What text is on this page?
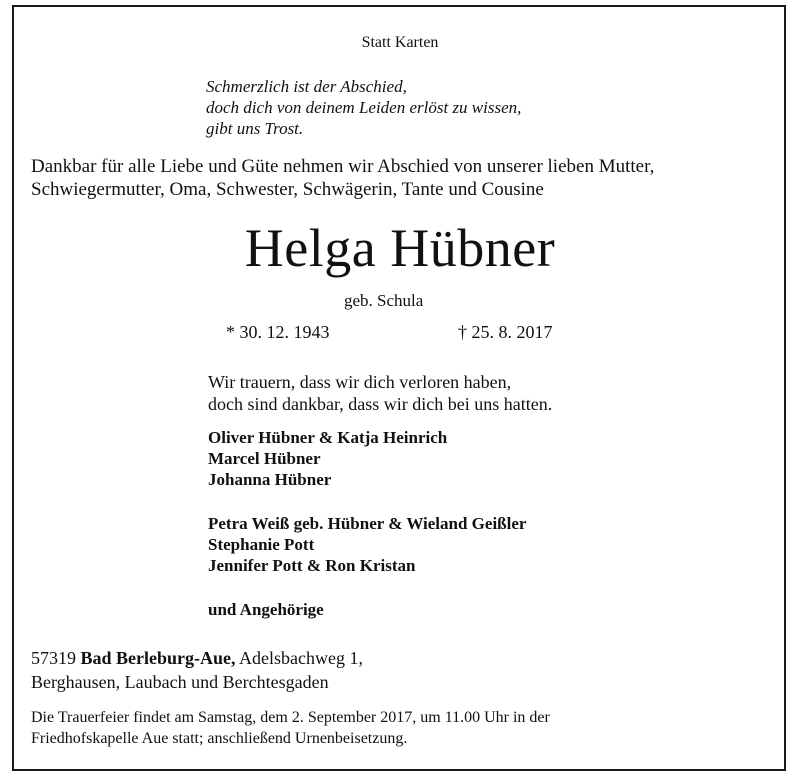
Statt Karten
Schmerzlich ist der Abschied,
doch dich von deinem Leiden erlöst zu wissen,
gibt uns Trost.
Dankbar für alle Liebe und Güte nehmen wir Abschied von unserer lieben Mutter,
Schwiegermutter, Oma, Schwester, Schwägerin, Tante und Cousine
Helga Hübner
geb. Schula
* 30. 12. 1943	† 25. 8. 2017
Wir trauern, dass wir dich verloren haben,
doch sind dankbar, dass wir dich bei uns hatten.
Oliver Hübner & Katja Heinrich
Marcel Hübner
Johanna Hübner
Petra Weiß geb. Hübner & Wieland Geißler
Stephanie Pott
Jennifer Pott & Ron Kristan
und Angehörige
57319 Bad Berleburg-Aue, Adelsbachweg 1,
Berghausen, Laubach und Berchtesgaden
Die Trauerfeier findet am Samstag, dem 2. September 2017, um 11.00 Uhr in der
Friedhofskapelle Aue statt; anschließend Urnenbeisetzung.
